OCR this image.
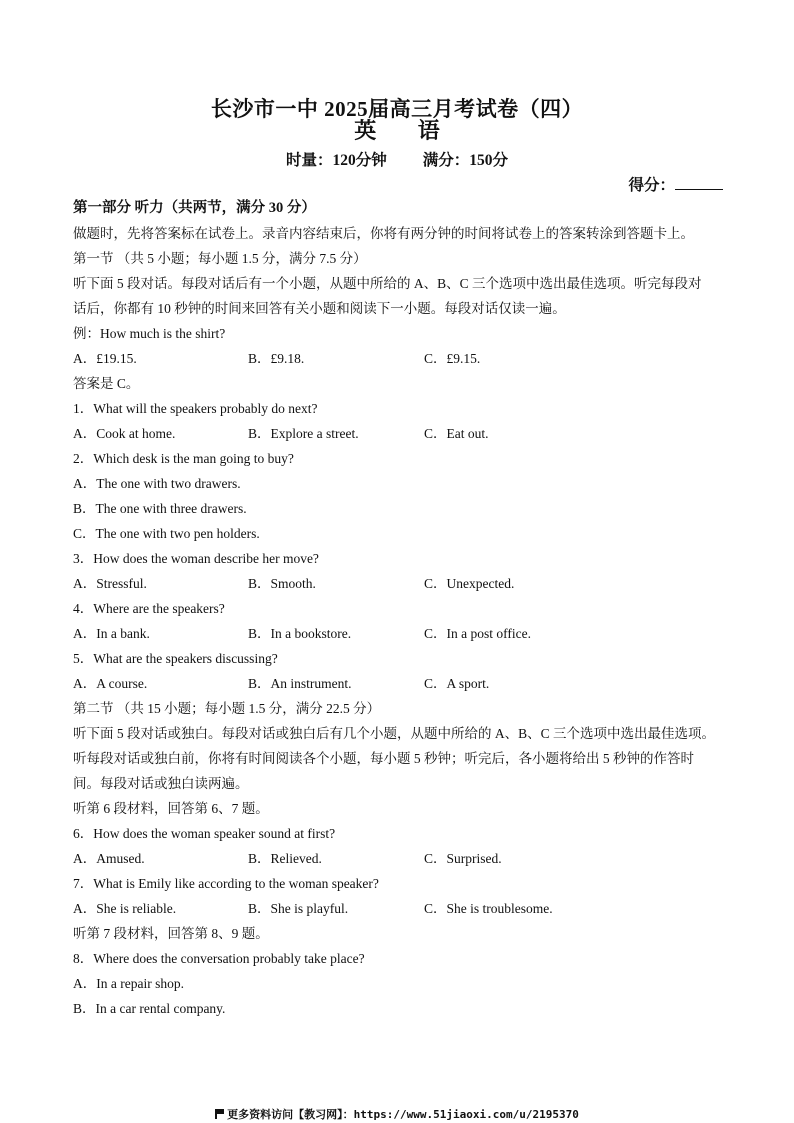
长沙市一中 2025届高三月考试卷（四）
英 语
时量：120分钟 满分：150分
得分：
第一部分 听力（共两节，满分 30 分）
做题时，先将答案标在试卷上。录音内容结束后，你将有两分钟的时间将试卷上的答案转涂到答题卡上。
第一节 （共 5 小题；每小题 1.5 分，满分 7.5 分）
听下面 5 段对话。每段对话后有一个小题，从题中所给的 A、B、C 三个选项中选出最佳选项。听完每段对
话后，你都有 10 秒钟的时间来回答有关小题和阅读下一小题。每段对话仅读一遍。
例：How much is the shirt?
A．£19.15.	B．£9.18.	C．£9.15.
答案是 C。
1．What will the speakers probably do next?
A．Cook at home.	B．Explore a street.	C．Eat out.
2．Which desk is the man going to buy?
A．The one with two drawers.
B．The one with three drawers.
C．The one with two pen holders.
3．How does the woman describe her move?
A．Stressful.	B．Smooth.	C．Unexpected.
4．Where are the speakers?
A．In a bank.	B．In a bookstore.	C．In a post office.
5．What are the speakers discussing?
A．A course.	B．An instrument.	C．A sport.
第二节 （共 15 小题；每小题 1.5 分，满分 22.5 分）
听下面 5 段对话或独白。每段对话或独白后有几个小题，从题中所给的 A、B、C 三个选项中选出最佳选项。
听每段对话或独白前，你将有时间阅读各个小题，每小题 5 秒钟；听完后，各小题将给出 5 秒钟的作答时
间。每段对话或独白读两遍。
听第 6 段材料，回答第 6、7 题。
6．How does the woman speaker sound at first?
A．Amused.	B．Relieved.	C．Surprised.
7．What is Emily like according to the woman speaker?
A．She is reliable.	B．She is playful.	C．She is troublesome.
听第 7 段材料，回答第 8、9 题。
8．Where does the conversation probably take place?
A．In a repair shop.
B．In a car rental company.
更多资料访问【教习网】：https://www.51jiaoxi.com/u/2195370
